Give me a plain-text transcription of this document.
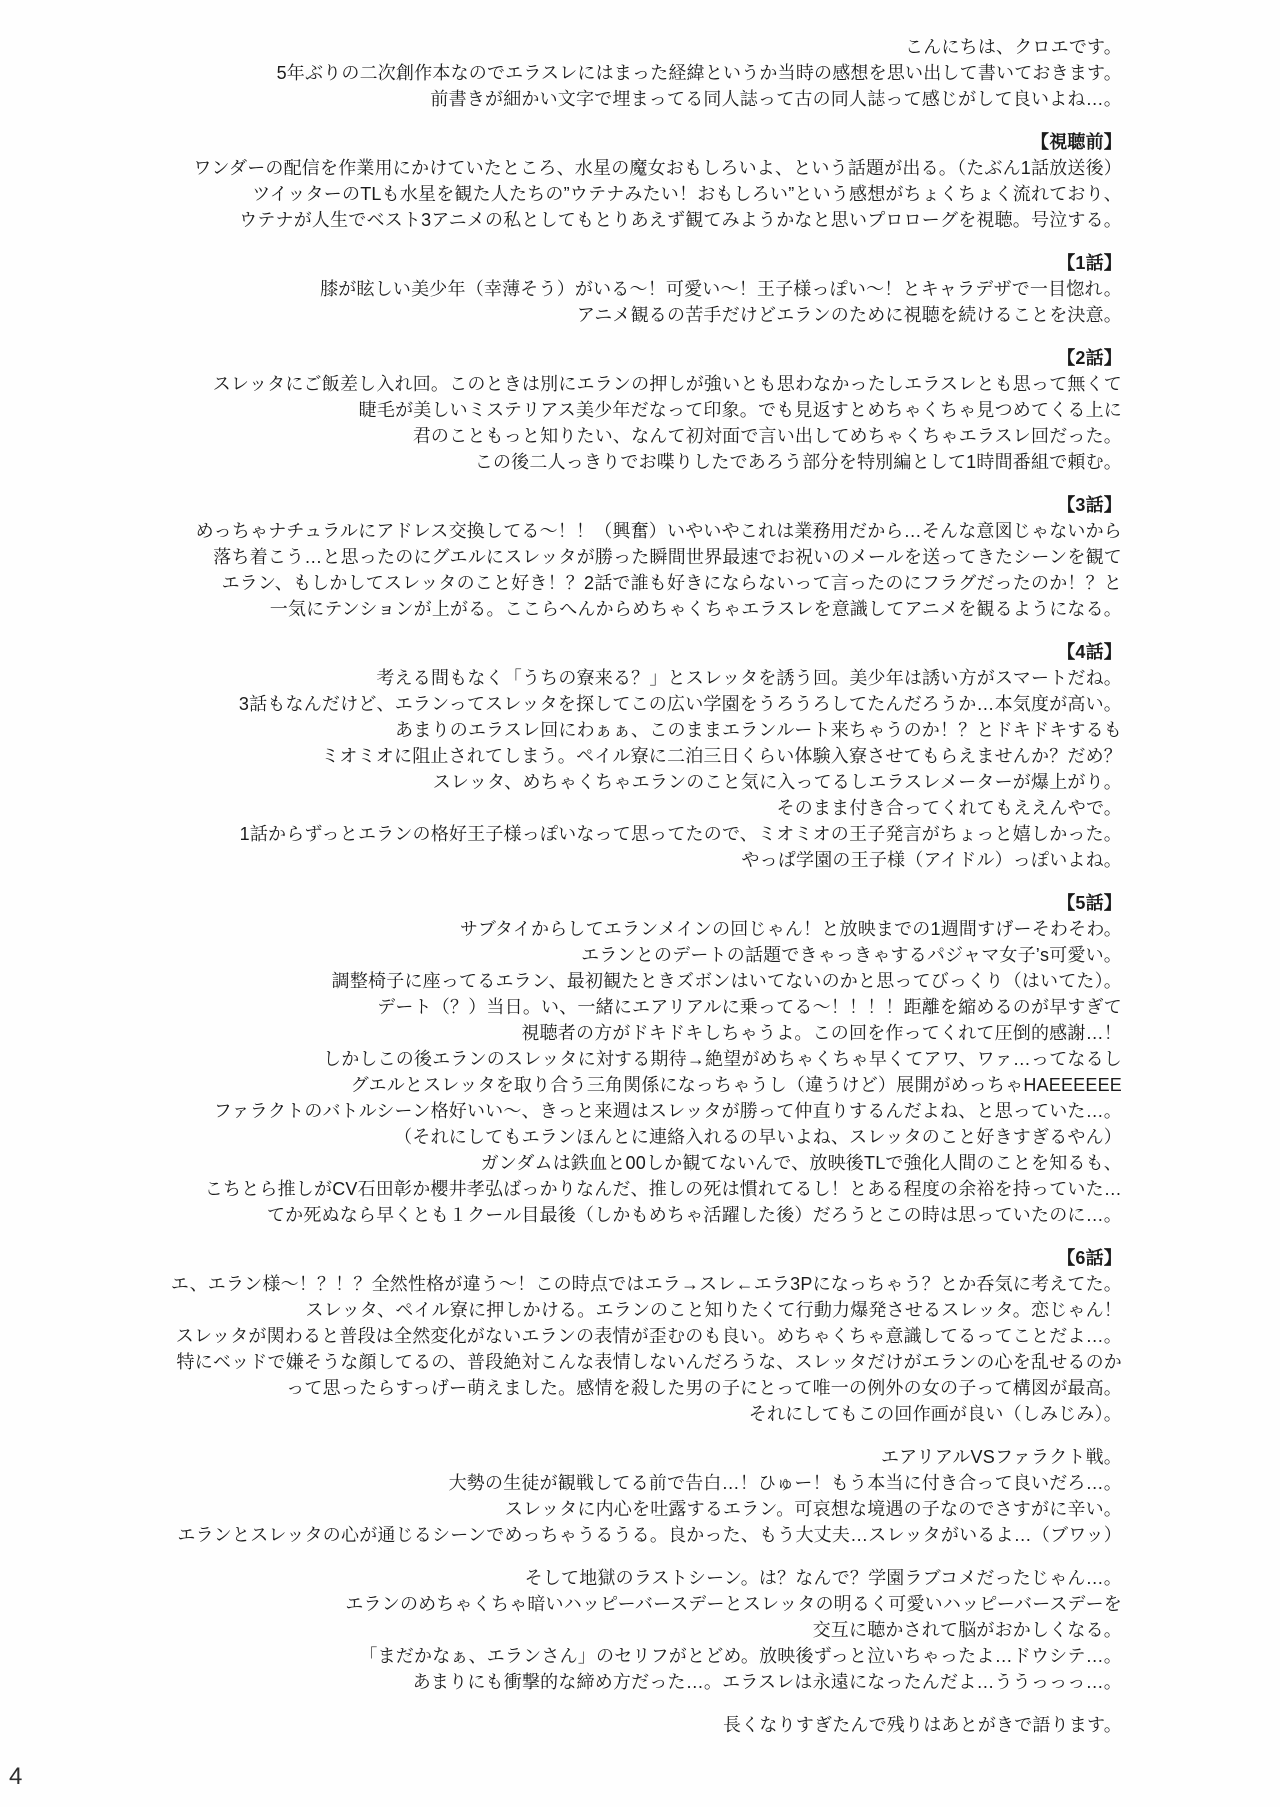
こんにちは、クロエです。
5年ぶりの二次創作本なのでエラスレにはまった経緯というか当時の感想を思い出して書いておきます。
前書きが細かい文字で埋まってる同人誌って古の同人誌って感じがして良いよね…。
【視聴前】
ワンダーの配信を作業用にかけていたところ、水星の魔女おもしろいよ、という話題が出る。（たぶん1話放送後）
ツイッターのTLも水星を観た人たちの”ウテナみたい！おもしろい”という感想がちょくちょく流れており、
ウテナが人生でベスト3アニメの私としてもとりあえず観てみようかなと思いプロローグを視聴。号泣する。
【1話】
膝が眩しい美少年（幸薄そう）がいる〜！可愛い〜！王子様っぽい〜！とキャラデザで一目惚れ。
アニメ観るの苦手だけどエランのために視聴を続けることを決意。
【2話】
スレッタにご飯差し入れ回。このときは別にエランの押しが強いとも思わなかったしエラスレとも思って無くて
睫毛が美しいミステリアス美少年だなって印象。でも見返すとめちゃくちゃ見つめてくる上に
君のこともっと知りたい、なんて初対面で言い出してめちゃくちゃエラスレ回だった。
この後二人っきりでお喋りしたであろう部分を特別編として1時間番組で頼む。
【3話】
めっちゃナチュラルにアドレス交換してる〜！！（興奮）いやいやこれは業務用だから…そんな意図じゃないから
落ち着こう…と思ったのにグエルにスレッタが勝った瞬間世界最速でお祝いのメールを送ってきたシーンを観て
エラン、もしかしてスレッタのこと好き！？2話で誰も好きにならないって言ったのにフラグだったのか！？と
一気にテンションが上がる。ここらへんからめちゃくちゃエラスレを意識してアニメを観るようになる。
【4話】
考える間もなく「うちの寮来る？」とスレッタを誘う回。美少年は誘い方がスマートだね。
3話もなんだけど、エランってスレッタを探してこの広い学園をうろうろしてたんだろうか…本気度が高い。
あまりのエラスレ回にわぁぁ、このままエランルート来ちゃうのか！？とドキドキするも
ミオミオに阻止されてしまう。ペイル寮に二泊三日くらい体験入寮させてもらえませんか？だめ？
スレッタ、めちゃくちゃエランのこと気に入ってるしエラスレメーターが爆上がり。
そのまま付き合ってくれてもええんやで。
1話からずっとエランの格好王子様っぽいなって思ってたので、ミオミオの王子発言がちょっと嬉しかった。
やっぱ学園の王子様（アイドル）っぽいよね。
【5話】
サブタイからしてエランメインの回じゃん！と放映までの1週間すげーそわそわ。
エランとのデートの話題できゃっきゃするパジャマ女子’s可愛い。
調整椅子に座ってるエラン、最初観たときズボンはいてないのかと思ってびっくり（はいてた）。
デート（？）当日。い、一緒にエアリアルに乗ってる〜！！！！距離を縮めるのが早すぎて
視聴者の方がドキドキしちゃうよ。この回を作ってくれて圧倒的感謝…！
しかしこの後エランのスレッタに対する期待→絶望がめちゃくちゃ早くてアワ、ワァ…ってなるし
グエルとスレッタを取り合う三角関係になっちゃうし（違うけど）展開がめっちゃHAEEEEEE
ファラクトのバトルシーン格好いい〜、きっと来週はスレッタが勝って仲直りするんだよね、と思っていた…。
（それにしてもエランほんとに連絡入れるの早いよね、スレッタのこと好きすぎるやん）
ガンダムは鉄血と00しか観てないんで、放映後TLで強化人間のことを知るも、
こちとら推しがCV石田彰か櫻井孝弘ばっかりなんだ、推しの死は慣れてるし！とある程度の余裕を持っていた…
てか死ぬなら早くとも１クール目最後（しかもめちゃ活躍した後）だろうとこの時は思っていたのに…。
【6話】
エ、エラン様〜！？！？全然性格が違う〜！この時点ではエラ→スレ←エラ3Pになっちゃう？とか呑気に考えてた。
スレッタ、ペイル寮に押しかける。エランのこと知りたくて行動力爆発させるスレッタ。恋じゃん！
スレッタが関わると普段は全然変化がないエランの表情が歪むのも良い。めちゃくちゃ意識してるってことだよ…。
特にベッドで嫌そうな顔してるの、普段絶対こんな表情しないんだろうな、スレッタだけがエランの心を乱せるのか
って思ったらすっげー萌えました。感情を殺した男の子にとって唯一の例外の女の子って構図が最高。
それにしてもこの回作画が良い（しみじみ）。
エアリアルVSファラクト戦。
大勢の生徒が観戦してる前で告白…！ひゅー！もう本当に付き合って良いだろ…。
スレッタに内心を吐露するエラン。可哀想な境遇の子なのでさすがに辛い。
エランとスレッタの心が通じるシーンでめっちゃうるうる。良かった、もう大丈夫…スレッタがいるよ…（ブワッ）
そして地獄のラストシーン。は？なんで？学園ラブコメだったじゃん…。
エランのめちゃくちゃ暗いハッピーバースデーとスレッタの明るく可愛いハッピーバースデーを
交互に聴かされて脳がおかしくなる。
「まだかなぁ、エランさん」のセリフがとどめ。放映後ずっと泣いちゃったよ…ドウシテ…。
あまりにも衝撃的な締め方だった…。エラスレは永遠になったんだよ…ううっっっ…。
長くなりすぎたんで残りはあとがきで語ります。
4
